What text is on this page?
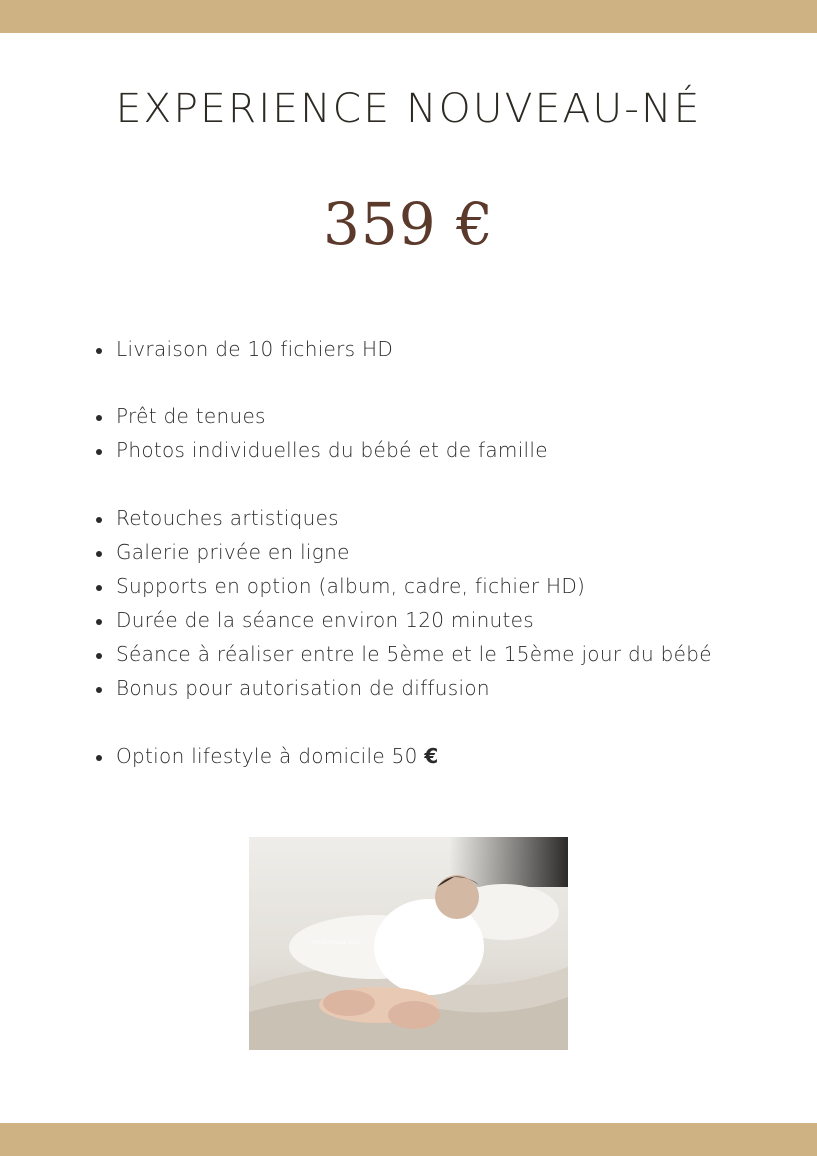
EXPERIENCE NOUVEAU-NÉ
359 €
Livraison de 10 fichiers HD
Prêt de tenues
Photos individuelles du bébé et de famille
Retouches artistiques
Galerie privée en ligne
Supports en option (album, cadre, fichier HD)
Durée de la séance environ 120 minutes
Séance à réaliser entre le 5ème et le 15ème jour du bébé
Bonus pour autorisation de diffusion
Option lifestyle à domicile 50 €
ANNE-MARIE PITZ
